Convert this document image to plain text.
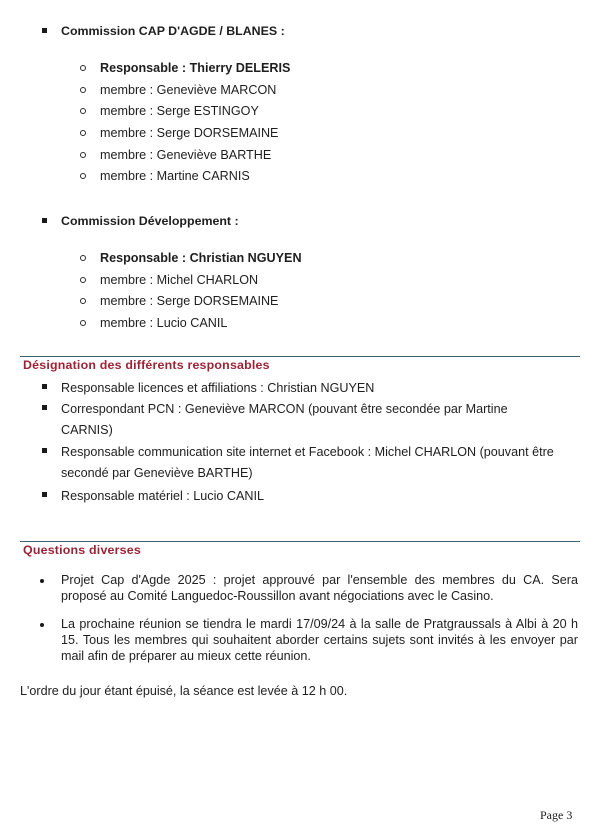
Commission CAP D'AGDE / BLANES :
Responsable : Thierry DELERIS
membre : Geneviève MARCON
membre : Serge ESTINGOY
membre : Serge DORSEMAINE
membre : Geneviève BARTHE
membre : Martine CARNIS
Commission Développement :
Responsable : Christian NGUYEN
membre : Michel CHARLON
membre : Serge DORSEMAINE
membre : Lucio CANIL
Désignation des différents responsables
Responsable licences et affiliations : Christian NGUYEN
Correspondant PCN : Geneviève MARCON (pouvant être secondée par Martine CARNIS)
Responsable communication site internet et Facebook : Michel CHARLON (pouvant être secondé par Geneviève BARTHE)
Responsable matériel : Lucio CANIL
Questions diverses
Projet Cap d'Agde 2025 : projet approuvé par l'ensemble des membres du CA. Sera proposé au Comité Languedoc-Roussillon avant négociations avec le Casino.
La prochaine réunion se tiendra le mardi 17/09/24 à la salle de Pratgraussals à Albi à 20 h 15. Tous les membres qui souhaitent aborder certains sujets sont invités à les envoyer par mail afin de préparer au mieux cette réunion.
L'ordre du jour étant épuisé, la séance est levée à 12 h 00.
Page 3
